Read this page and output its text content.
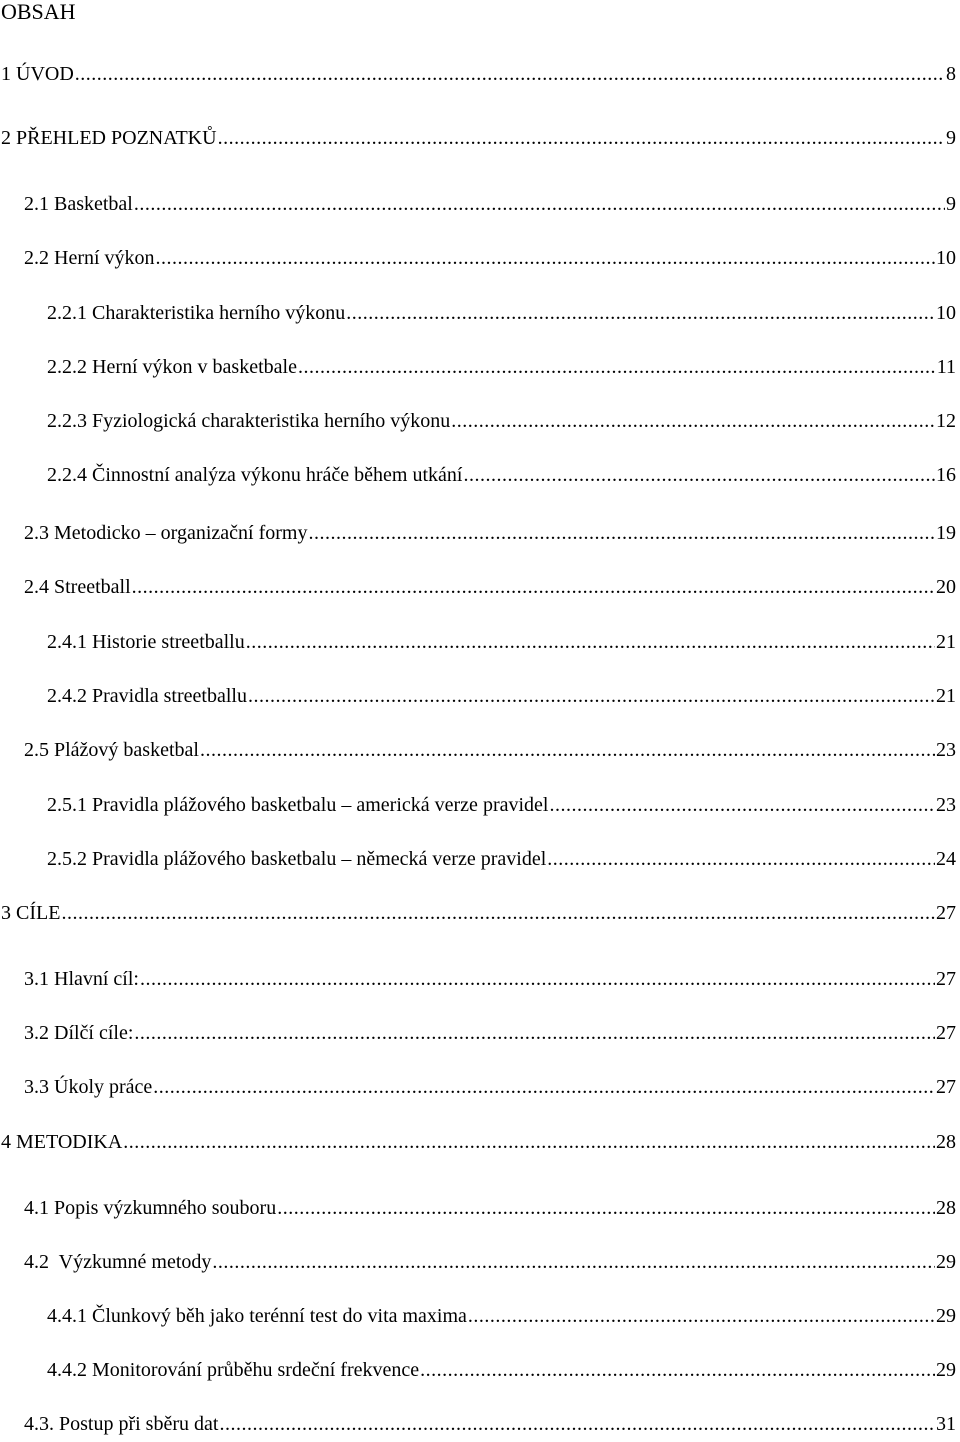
OBSAH
1 ÚVOD .....	8
2 PŘEHLED POZNATKŮ .....	9
2.1 Basketbal .....	9
2.2 Herní výkon .....	10
2.2.1 Charakteristika herního výkonu .....	10
2.2.2 Herní výkon v basketbale .....	11
2.2.3 Fyziologická charakteristika herního výkonu .....	12
2.2.4 Činnostní analýza výkonu hráče během utkání .....	16
2.3 Metodicko – organizační formy .....	19
2.4 Streetball .....	20
2.4.1 Historie streetballu .....	21
2.4.2 Pravidla streetballu .....	21
2.5 Plážový basketbal .....	23
2.5.1 Pravidla plážového basketbalu – americká verze pravidel .....	23
2.5.2 Pravidla plážového basketbalu – německá verze pravidel .....	24
3 CÍLE .....	27
3.1 Hlavní cíl: .....	27
3.2 Dílčí cíle: .....	27
3.3 Úkoly práce .....	27
4 METODIKA .....	28
4.1 Popis výzkumného souboru .....	28
4.2  Výzkumné metody .....	29
4.4.1 Člunkový běh jako terénní test do vita maxima .....	29
4.4.2 Monitorování průběhu srdeční frekvence .....	29
4.3. Postup při sběru dat .....	31
